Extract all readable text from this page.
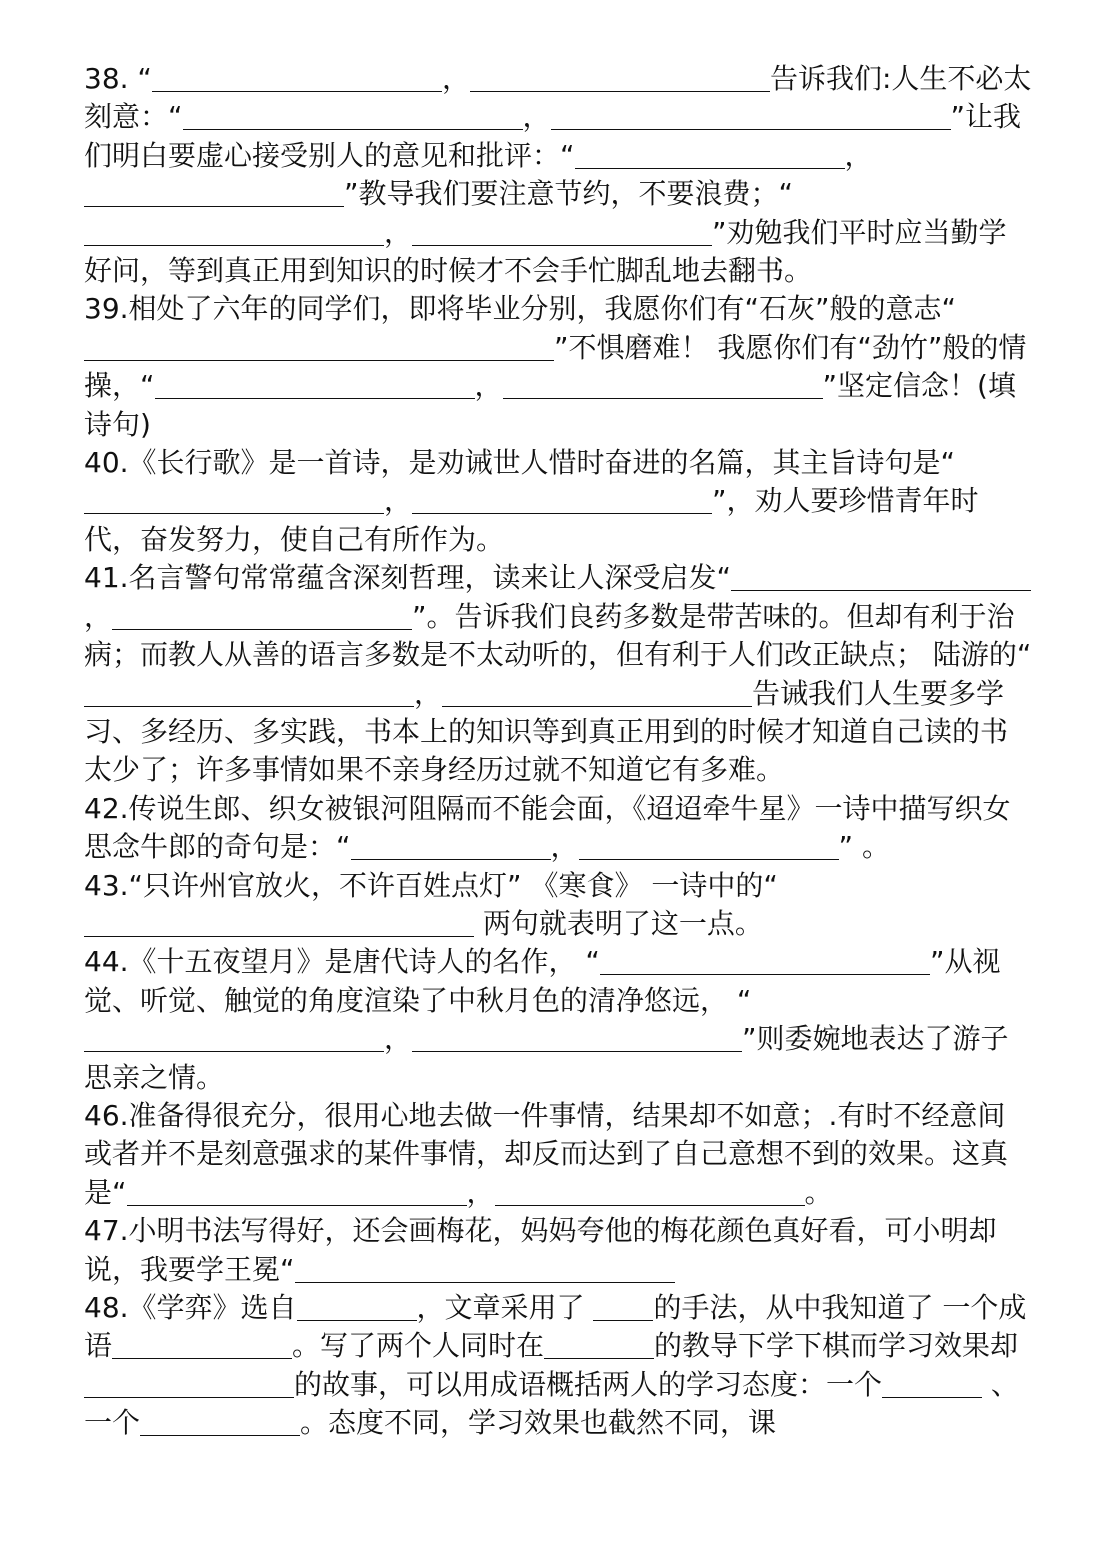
38. “	，	告诉我们:人生不必太刻意：“	，	”让我们明白要虚心接受别人的意见和批评：“	，”教导我们要注意节约，不要浪费；“，	”劝勉我们平时应当勤学好问，等到真正用到知识的时候才不会手忙脚乱地去翻书。

39.相处了六年的同学们，即将毕业分别，我愿你们有“石灰”般的意志“”不惧磨难！ 我愿你们有“劲竹”般的情操，“	，	”坚定信念！(填诗句)

40.《长行歌》是一首诗，是劝诫世人惜时奋进的名篇，其主旨诗句是“，	”，劝人要珍惜青年时代，奋发努力，使自己有所作为。

41.名言警句常常蕴含深刻哲理，读来让人深受启发“，	”。告诉我们良药多数是带苦味的。但却有利于治病；而教人从善的语言多数是不太动听的，但有利于人们改正缺点； 陆游的“，	告诫我们人生要多学习、多经历、多实践，书本上的知识等到真正用到的时候才知道自己读的书太少了；许多事情如果不亲身经历过就不知道它有多难。

42.传说生郎、织女被银河阻隔而不能会面，《迢迢牵牛星》一诗中描写织女思念牛郎的奇句是：“	，	” 。

43.“只许州官放火，不许百姓点灯” 《寒食》 一诗中的“ 两句就表明了这一点。

44.《十五夜望月》是唐代诗人的名作， “	”从视觉、听觉、触觉的角度渲染了中秋月色的清净悠远， “，	”则委婉地表达了游子思亲之情。

46.准备得很充分，很用心地去做一件事情，结果却不如意；.有时不经意间或者并不是刻意强求的某件事情，却反而达到了自己意想不到的效果。这真是“	，	。

47.小明书法写得好，还会画梅花，妈妈夸他的梅花颜色真好看，可小明却说，我要学王冕“

48.《学弈》选自	，文章采用了 的手法，从中我知道了 一个成语	。写了两个人同时在	的教导下学下棋而学习效果却的故事，可以用成语概括两人的学习态度：一个	、一个	。态度不同，学习效果也截然不同，课
